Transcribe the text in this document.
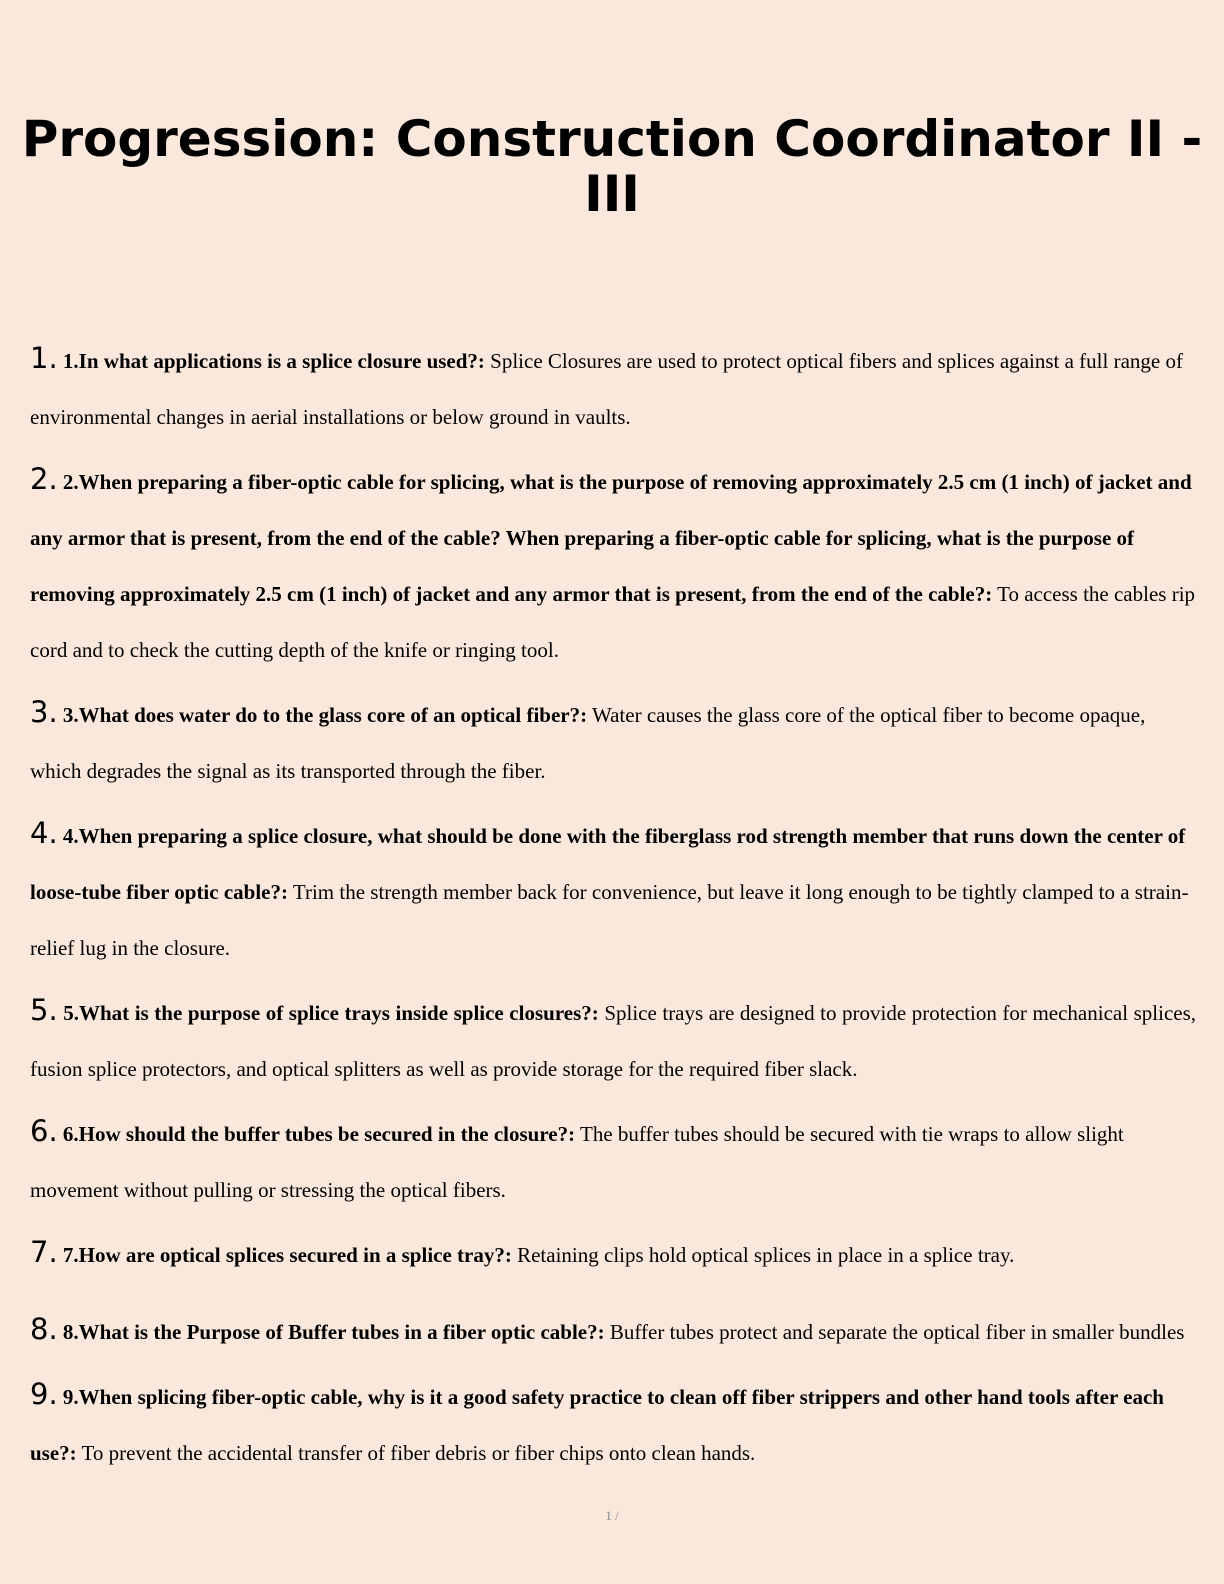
Progression: Construction Coordinator II - III
1. 1.In what applications is a splice closure used?: Splice Closures are used to protect optical fibers and splices against a full range of environmental changes in aerial installations or below ground in vaults.
2. 2.When preparing a fiber-optic cable for splicing, what is the purpose of removing approximately 2.5 cm (1 inch) of jacket and any armor that is present, from the end of the cable? When preparing a fiber-optic cable for splicing, what is the purpose of removing approximately 2.5 cm (1 inch) of jacket and any armor that is present, from the end of the cable?: To access the cables rip cord and to check the cutting depth of the knife or ringing tool.
3. 3.What does water do to the glass core of an optical fiber?: Water causes the glass core of the optical fiber to become opaque, which degrades the signal as its transported through the fiber.
4. 4.When preparing a splice closure, what should be done with the fiberglass rod strength member that runs down the center of loose-tube fiber optic cable?: Trim the strength member back for convenience, but leave it long enough to be tightly clamped to a strain-relief lug in the closure.
5. 5.What is the purpose of splice trays inside splice closures?: Splice trays are designed to provide protection for mechanical splices, fusion splice protectors, and optical splitters as well as provide storage for the required fiber slack.
6. 6.How should the buffer tubes be secured in the closure?: The buffer tubes should be secured with tie wraps to allow slight movement without pulling or stressing the optical fibers.
7. 7.How are optical splices secured in a splice tray?: Retaining clips hold optical splices in place in a splice tray.
8. 8.What is the Purpose of Buffer tubes in a fiber optic cable?: Buffer tubes protect and separate the optical fiber in smaller bundles
9. 9.When splicing fiber-optic cable, why is it a good safety practice to clean off fiber strippers and other hand tools after each use?: To prevent the accidental transfer of fiber debris or fiber chips onto clean hands.
1 /
